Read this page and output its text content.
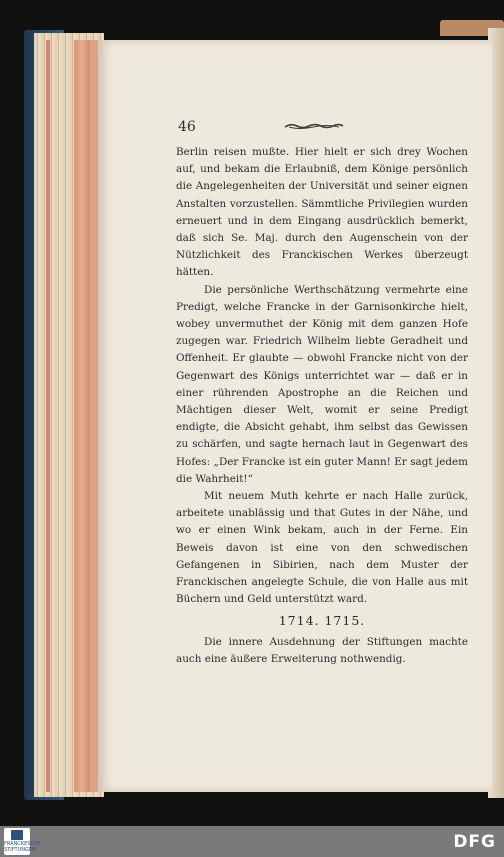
46

Berlin reisen mußte. Hier hielt er sich drey Wochen auf, und bekam die Erlaubniß, dem Könige persönlich die Angelegenheiten der Universität und seiner eignen Anstalten vorzustellen. Sämmtliche Privilegien wurden erneuert und in dem Eingang ausdrücklich bemerkt, daß sich Se. Maj. durch den Augenschein von der Nützlichkeit des Franckischen Werkes überzeugt hätten.

Die persönliche Werthschätzung vermehrte eine Predigt, welche Francke in der Garnisonkirche hielt, wobey unvermuthet der König mit dem ganzen Hofe zugegen war. Friedrich Wilhelm liebte Geradheit und Offenheit. Er glaubte — obwohl Francke nicht von der Gegenwart des Königs unterrichtet war — daß er in einer rührenden Apostrophe an die Reichen und Mächtigen dieser Welt, womit er seine Predigt endigte, die Absicht gehabt, ihm selbst das Gewissen zu schärfen, und sagte hernach laut in Gegenwart des Hofes: „Der Francke ist ein guter Mann! Er sagt jedem die Wahrheit!“

Mit neuem Muth kehrte er nach Halle zurück, arbeitete unablässig und that Gutes in der Nähe, und wo er einen Wink bekam, auch in der Ferne. Ein Beweis davon ist eine von den schwedischen Gefangenen in Sibirien, nach dem Muster der Franckischen angelegte Schule, die von Halle aus mit Büchern und Geld unterstützt ward.

1714. 1715.

Die innere Ausdehnung der Stiftungen machte auch eine äußere Erweiterung nothwendig.

FRANCKESCHE STIFTUNGEN	DFG
